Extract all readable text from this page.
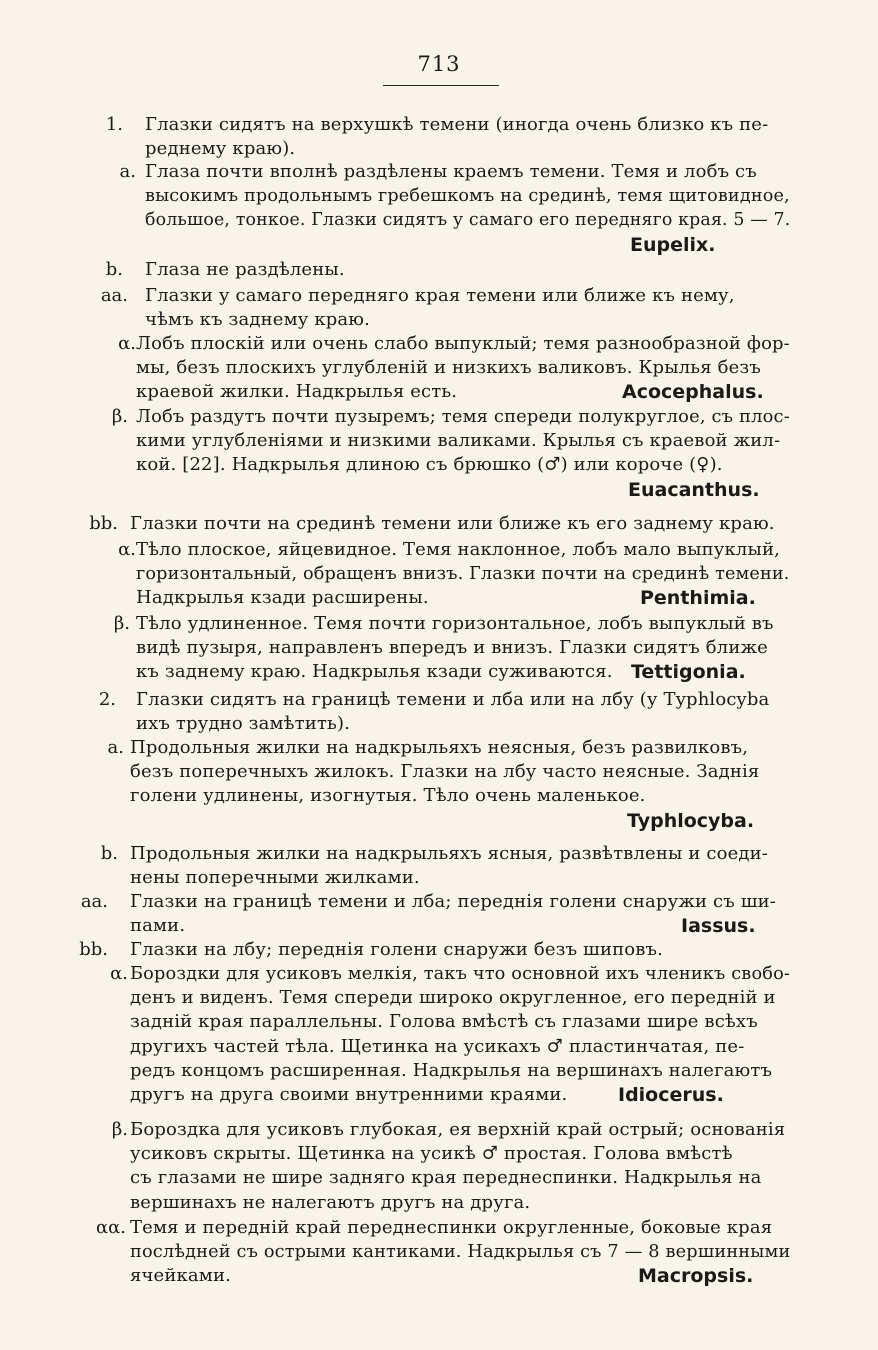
713
1. Глазки сидятъ на верхушкѣ темени (иногда очень близко къ пе-
реднему краю).
a. Глаза почти вполнѣ раздѣлены краемъ темени. Темя и лобъ съ
высокимъ продольнымъ гребешкомъ на срединѣ, темя щитовидное,
большое, тонкое. Глазки сидятъ у самаго его передняго края. 5 — 7.
Eupelix.
b. Глаза не раздѣлены.
aa. Глазки у самаго передняго края темени или ближе къ нему,
чѣмъ къ заднему краю.
α. Лобъ плоскій или очень слабо выпуклый; темя разнообразной фор-
мы, безъ плоскихъ углубленій и низкихъ валиковъ. Крылья безъ
краевой жилки. Надкрылья есть.	Acocephalus.
β. Лобъ раздутъ почти пузыремъ; темя спереди полукруглое, съ плос-
кими углубленіями и низкими валиками. Крылья съ краевой жил-
кой. [22]. Надкрылья длиною съ брюшко (♂) или короче (♀).
Euacanthus.
bb. Глазки почти на срединѣ темени или ближе къ его заднему краю.
α. Тѣло плоское, яйцевидное. Темя наклонное, лобъ мало выпуклый,
горизонтальный, обращенъ внизъ. Глазки почти на срединѣ темени.
Надкрылья кзади расширены.	Penthimia.
β. Тѣло удлиненное. Темя почти горизонтальное, лобъ выпуклый въ
видѣ пузыря, направленъ впередъ и внизъ. Глазки сидятъ ближе
къ заднему краю. Надкрылья кзади суживаются. Tettigonia.
2. Глазки сидятъ на границѣ темени и лба или на лбу (у Typhlocyba
ихъ трудно замѣтить).
a. Продольныя жилки на надкрыльяхъ неясныя, безъ развилковъ,
безъ поперечныхъ жилокъ. Глазки на лбу часто неясные. Заднія
голени удлинены, изогнутыя. Тѣло очень маленькое.
Typhlocyba.
b. Продольныя жилки на надкрыльяхъ ясныя, развѣтвлены и соеди-
нены поперечными жилками.
aa. Глазки на границѣ темени и лба; переднія голени снаружи съ ши-
пами.	Iassus.
bb. Глазки на лбу; переднія голени снаружи безъ шиповъ.
α. Бороздки для усиковъ мелкія, такъ что основной ихъ членикъ свобо-
денъ и виденъ. Темя спереди широко округленное, его передній и
задній края параллельны. Голова вмѣстѣ съ глазами шире всѣхъ
другихъ частей тѣла. Щетинка на усикахъ ♂ пластинчатая, пе-
редъ концомъ расширенная. Надкрылья на вершинахъ налегаютъ
другъ на друга своими внутренними краями.	Idiocerus.
β. Бороздка для усиковъ глубокая, ея верхній край острый; основанія
усиковъ скрыты. Щетинка на усикѣ ♂ простая. Голова вмѣстѣ
съ глазами не шире задняго края переднеспинки. Надкрылья на
вершинахъ не налегаютъ другъ на друга.
αα. Темя и передній край переднеспинки округленные, боковые края
послѣдней съ острыми кантиками. Надкрылья съ 7 — 8 вершинными
ячейками.	Macropsis.
